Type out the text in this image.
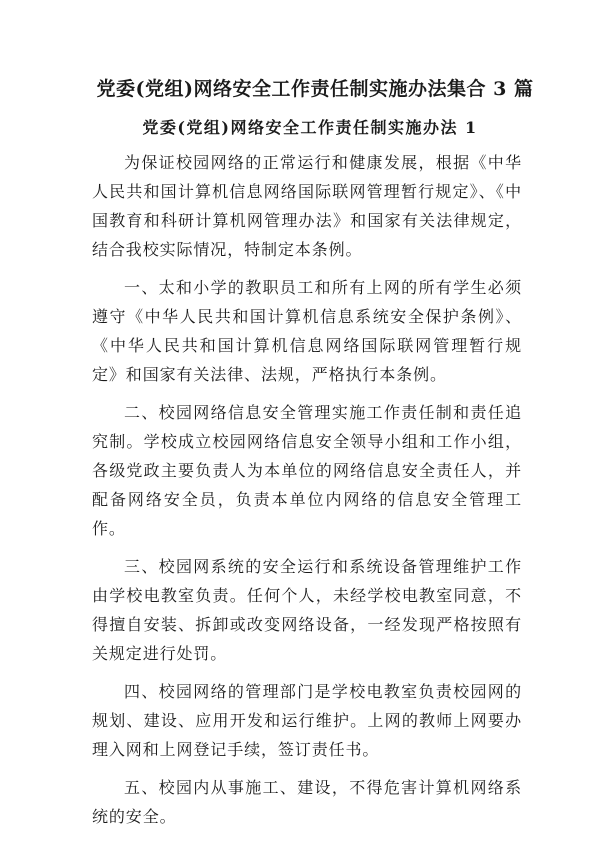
党委(党组)网络安全工作责任制实施办法集合 3 篇
党委(党组)网络安全工作责任制实施办法 1

为保证校园网络的正常运行和健康发展，根据《中华人民共和国计算机信息网络国际联网管理暂行规定》、《中国教育和科研计算机网管理办法》和国家有关法律规定，结合我校实际情况，特制定本条例。

一、太和小学的教职员工和所有上网的所有学生必须遵守《中华人民共和国计算机信息系统安全保护条例》、《中华人民共和国计算机信息网络国际联网管理暂行规定》和国家有关法律、法规，严格执行本条例。

二、校园网络信息安全管理实施工作责任制和责任追究制。学校成立校园网络信息安全领导小组和工作小组，各级党政主要负责人为本单位的网络信息安全责任人，并配备网络安全员，负责本单位内网络的信息安全管理工作。

三、校园网系统的安全运行和系统设备管理维护工作由学校电教室负责。任何个人，未经学校电教室同意，不得擅自安装、拆卸或改变网络设备，一经发现严格按照有关规定进行处罚。

四、校园网络的管理部门是学校电教室负责校园网的规划、建设、应用开发和运行维护。上网的教师上网要办理入网和上网登记手续，签订责任书。

五、校园内从事施工、建设，不得危害计算机网络系统的安全。
